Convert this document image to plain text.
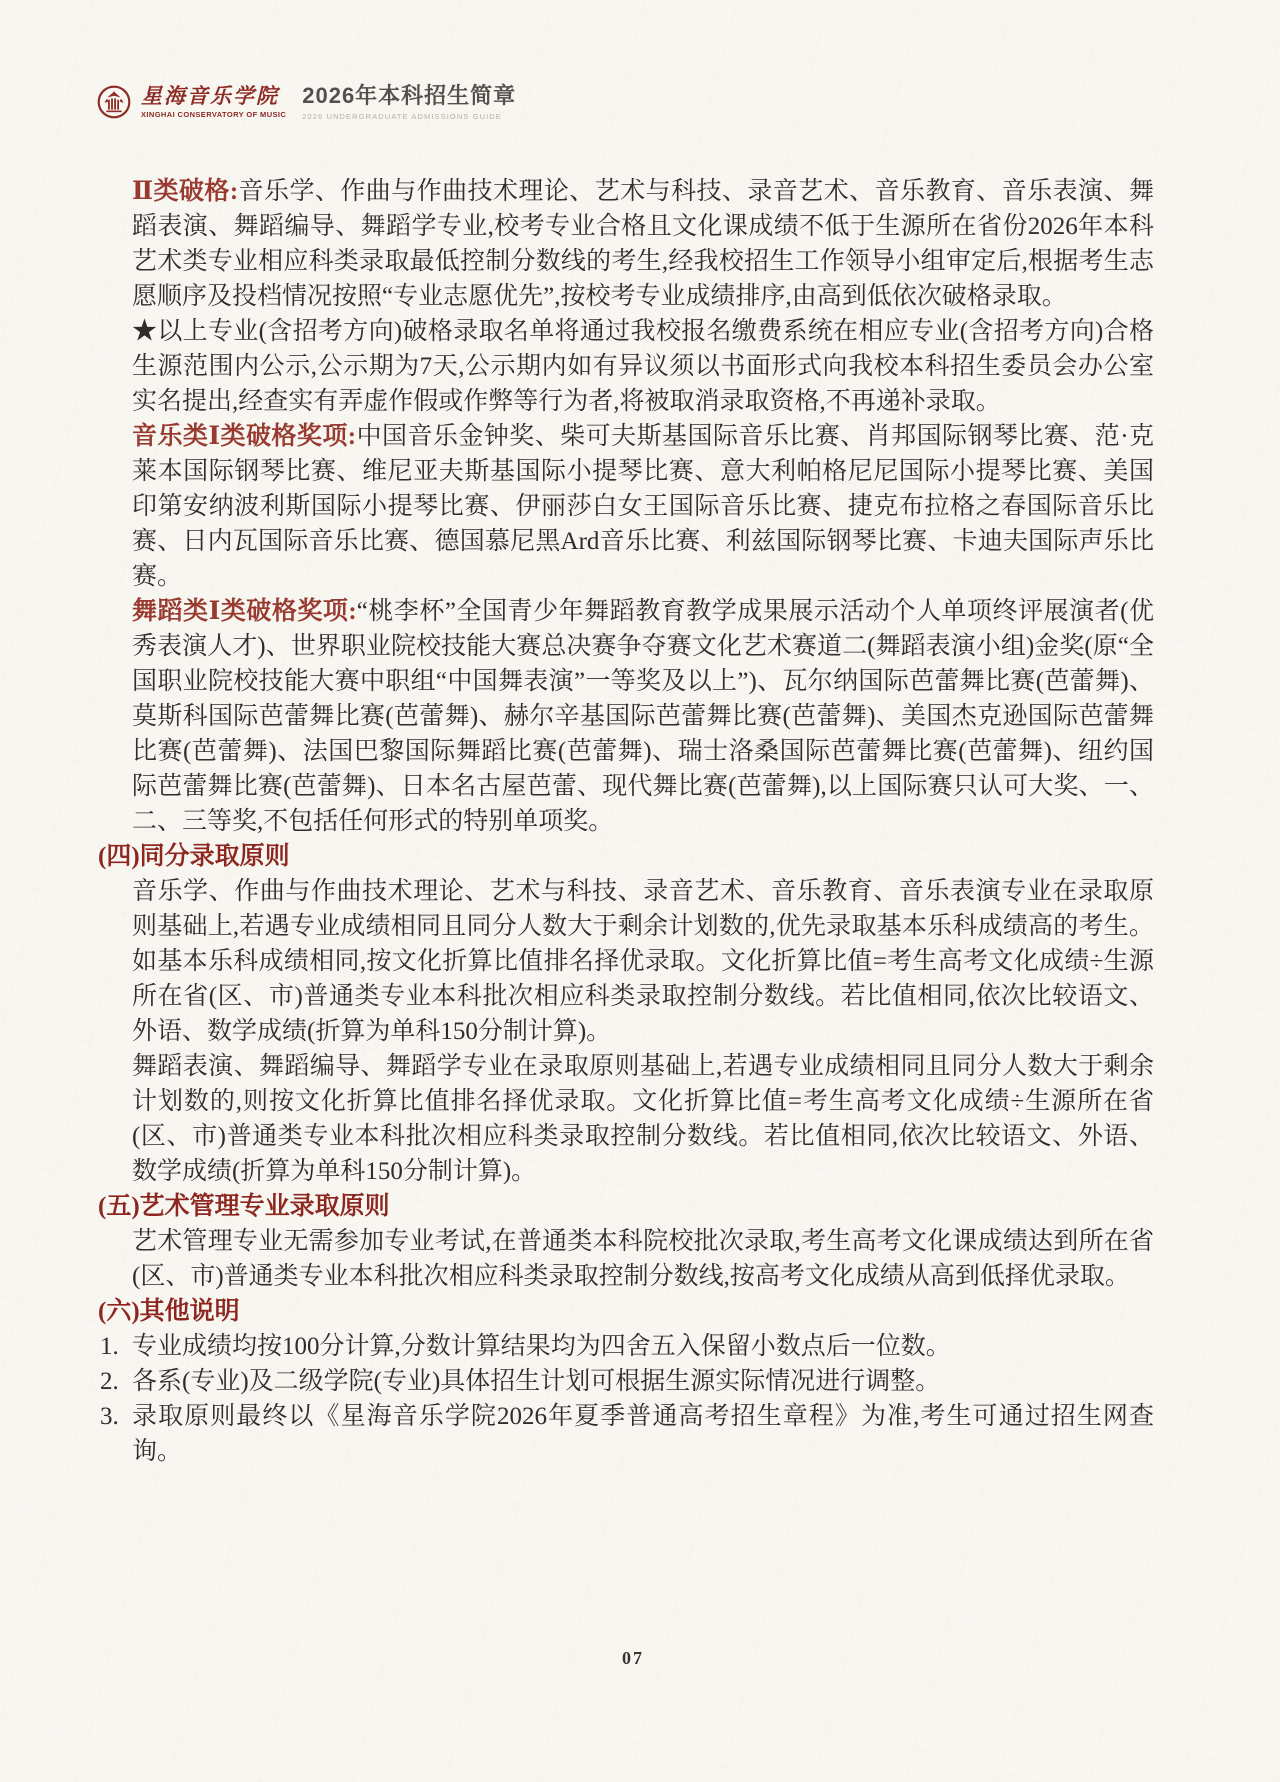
星海音乐学院
XINGHAI CONSERVATORY OF MUSIC
2026年本科招生简章
2026 UNDERGRADUATE ADMISSIONS GUIDE

Ⅱ类破格:音乐学、作曲与作曲技术理论、艺术与科技、录音艺术、音乐教育、音乐表演、舞蹈表演、舞蹈编导、舞蹈学专业,校考专业合格且文化课成绩不低于生源所在省份2026年本科艺术类专业相应科类录取最低控制分数线的考生,经我校招生工作领导小组审定后,根据考生志愿顺序及投档情况按照“专业志愿优先”,按校考专业成绩排序,由高到低依次破格录取。

★以上专业(含招考方向)破格录取名单将通过我校报名缴费系统在相应专业(含招考方向)合格生源范围内公示,公示期为7天,公示期内如有异议须以书面形式向我校本科招生委员会办公室实名提出,经查实有弄虚作假或作弊等行为者,将被取消录取资格,不再递补录取。

音乐类Ⅰ类破格奖项:中国音乐金钟奖、柴可夫斯基国际音乐比赛、肖邦国际钢琴比赛、范·克莱本国际钢琴比赛、维尼亚夫斯基国际小提琴比赛、意大利帕格尼尼国际小提琴比赛、美国印第安纳波利斯国际小提琴比赛、伊丽莎白女王国际音乐比赛、捷克布拉格之春国际音乐比赛、日内瓦国际音乐比赛、德国慕尼黑Ard音乐比赛、利兹国际钢琴比赛、卡迪夫国际声乐比赛。

舞蹈类Ⅰ类破格奖项:“桃李杯”全国青少年舞蹈教育教学成果展示活动个人单项终评展演者(优秀表演人才)、世界职业院校技能大赛总决赛争夺赛文化艺术赛道二(舞蹈表演小组)金奖(原“全国职业院校技能大赛中职组“中国舞表演”一等奖及以上”)、瓦尔纳国际芭蕾舞比赛(芭蕾舞)、莫斯科国际芭蕾舞比赛(芭蕾舞)、赫尔辛基国际芭蕾舞比赛(芭蕾舞)、美国杰克逊国际芭蕾舞比赛(芭蕾舞)、法国巴黎国际舞蹈比赛(芭蕾舞)、瑞士洛桑国际芭蕾舞比赛(芭蕾舞)、纽约国际芭蕾舞比赛(芭蕾舞)、日本名古屋芭蕾、现代舞比赛(芭蕾舞),以上国际赛只认可大奖、一、二、三等奖,不包括任何形式的特别单项奖。

(四)同分录取原则

音乐学、作曲与作曲技术理论、艺术与科技、录音艺术、音乐教育、音乐表演专业在录取原则基础上,若遇专业成绩相同且同分人数大于剩余计划数的,优先录取基本乐科成绩高的考生。如基本乐科成绩相同,按文化折算比值排名择优录取。文化折算比值=考生高考文化成绩÷生源所在省(区、市)普通类专业本科批次相应科类录取控制分数线。若比值相同,依次比较语文、外语、数学成绩(折算为单科150分制计算)。

舞蹈表演、舞蹈编导、舞蹈学专业在录取原则基础上,若遇专业成绩相同且同分人数大于剩余计划数的,则按文化折算比值排名择优录取。文化折算比值=考生高考文化成绩÷生源所在省(区、市)普通类专业本科批次相应科类录取控制分数线。若比值相同,依次比较语文、外语、数学成绩(折算为单科150分制计算)。

(五)艺术管理专业录取原则

艺术管理专业无需参加专业考试,在普通类本科院校批次录取,考生高考文化课成绩达到所在省(区、市)普通类专业本科批次相应科类录取控制分数线,按高考文化成绩从高到低择优录取。

(六)其他说明

1. 专业成绩均按100分计算,分数计算结果均为四舍五入保留小数点后一位数。

2. 各系(专业)及二级学院(专业)具体招生计划可根据生源实际情况进行调整。

3. 录取原则最终以《星海音乐学院2026年夏季普通高考招生章程》为准,考生可通过招生网查询。

07
